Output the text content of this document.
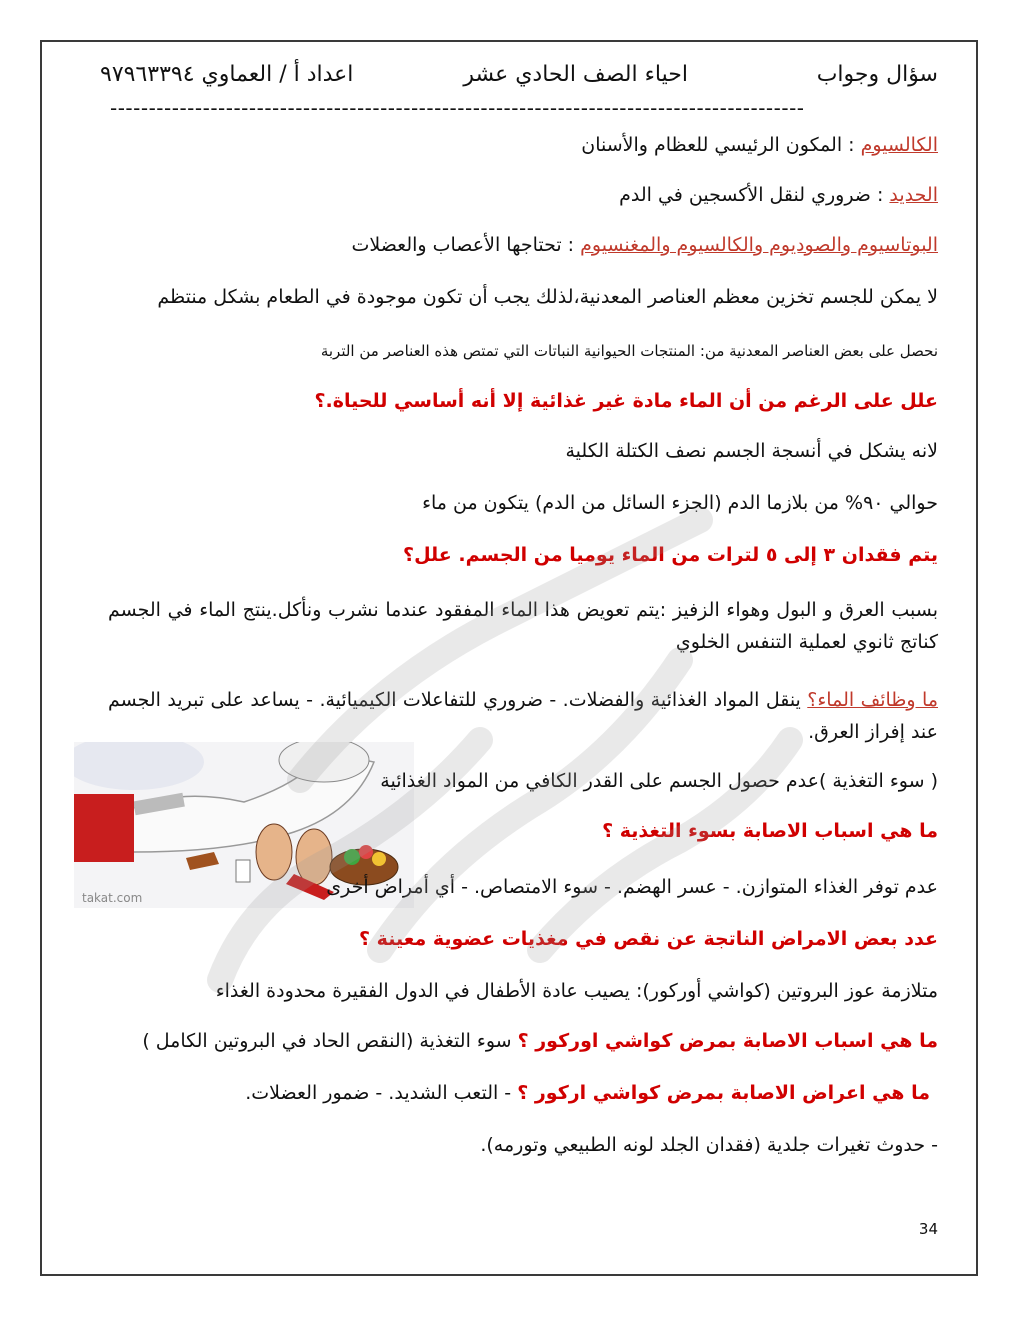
سؤال وجواب
احياء الصف الحادي عشر
اعداد أ / العماوي ٩٧٩٦٣٣٩٤
------------------------------------------------------------------------------------------
الكالسيوم : المكون الرئيسي للعظام والأسنان
الحديد : ضروري لنقل الأكسجين في الدم
البوتاسيوم والصوديوم والكالسيوم والمغنسيوم : تحتاجها الأعصاب والعضلات
لا يمكن للجسم تخزين معظم العناصر المعدنية،لذلك يجب أن تكون موجودة في الطعام بشكل منتظم
نحصل على بعض العناصر المعدنية من: المنتجات الحيوانية النباتات التي تمتص هذه العناصر من التربة
علل على الرغم من أن الماء مادة غير غذائية إلا أنه أساسي للحياة.؟
لانه يشكل في أنسجة الجسم نصف الكتلة الكلية
حوالي ٩٠% من بلازما الدم (الجزء السائل من الدم) يتكون من ماء
يتم فقدان ٣ إلى ٥ لترات من الماء يوميا من الجسم. علل؟
بسبب العرق و البول وهواء الزفيز :يتم تعويض هذا الماء المفقود عندما نشرب ونأكل.ينتج الماء في الجسم كناتج ثانوي لعملية التنفس الخلوي
ما وظائف الماء؟ ينقل المواد الغذائية والفضلات. - ضروري للتفاعلات الكيميائية. - يساعد على تبريد الجسم عند إفراز العرق.
takat.com
( سوء التغذية )عدم حصول الجسم على القدر الكافي من المواد الغذائية
ما هي اسباب الاصابة بسوء التغذية ؟
عدم توفر الغذاء المتوازن. - عسر الهضم. - سوء الامتصاص. - أي أمراض أخرى
عدد بعض الامراض الناتجة عن نقص في مغذيات عضوية معينة ؟
متلازمة عوز البروتين (كواشي أوركور): يصيب عادة الأطفال في الدول الفقيرة محدودة الغذاء
ما هي اسباب الاصابة بمرض كواشي اوركور ؟ سوء التغذية (النقص الحاد في البروتين الكامل )
ما هي اعراض الاصابة بمرض كواشي اركور ؟ - التعب الشديد. - ضمور العضلات.
- حدوث تغيرات جلدية (فقدان الجلد لونه الطبيعي وتورمه).
34
